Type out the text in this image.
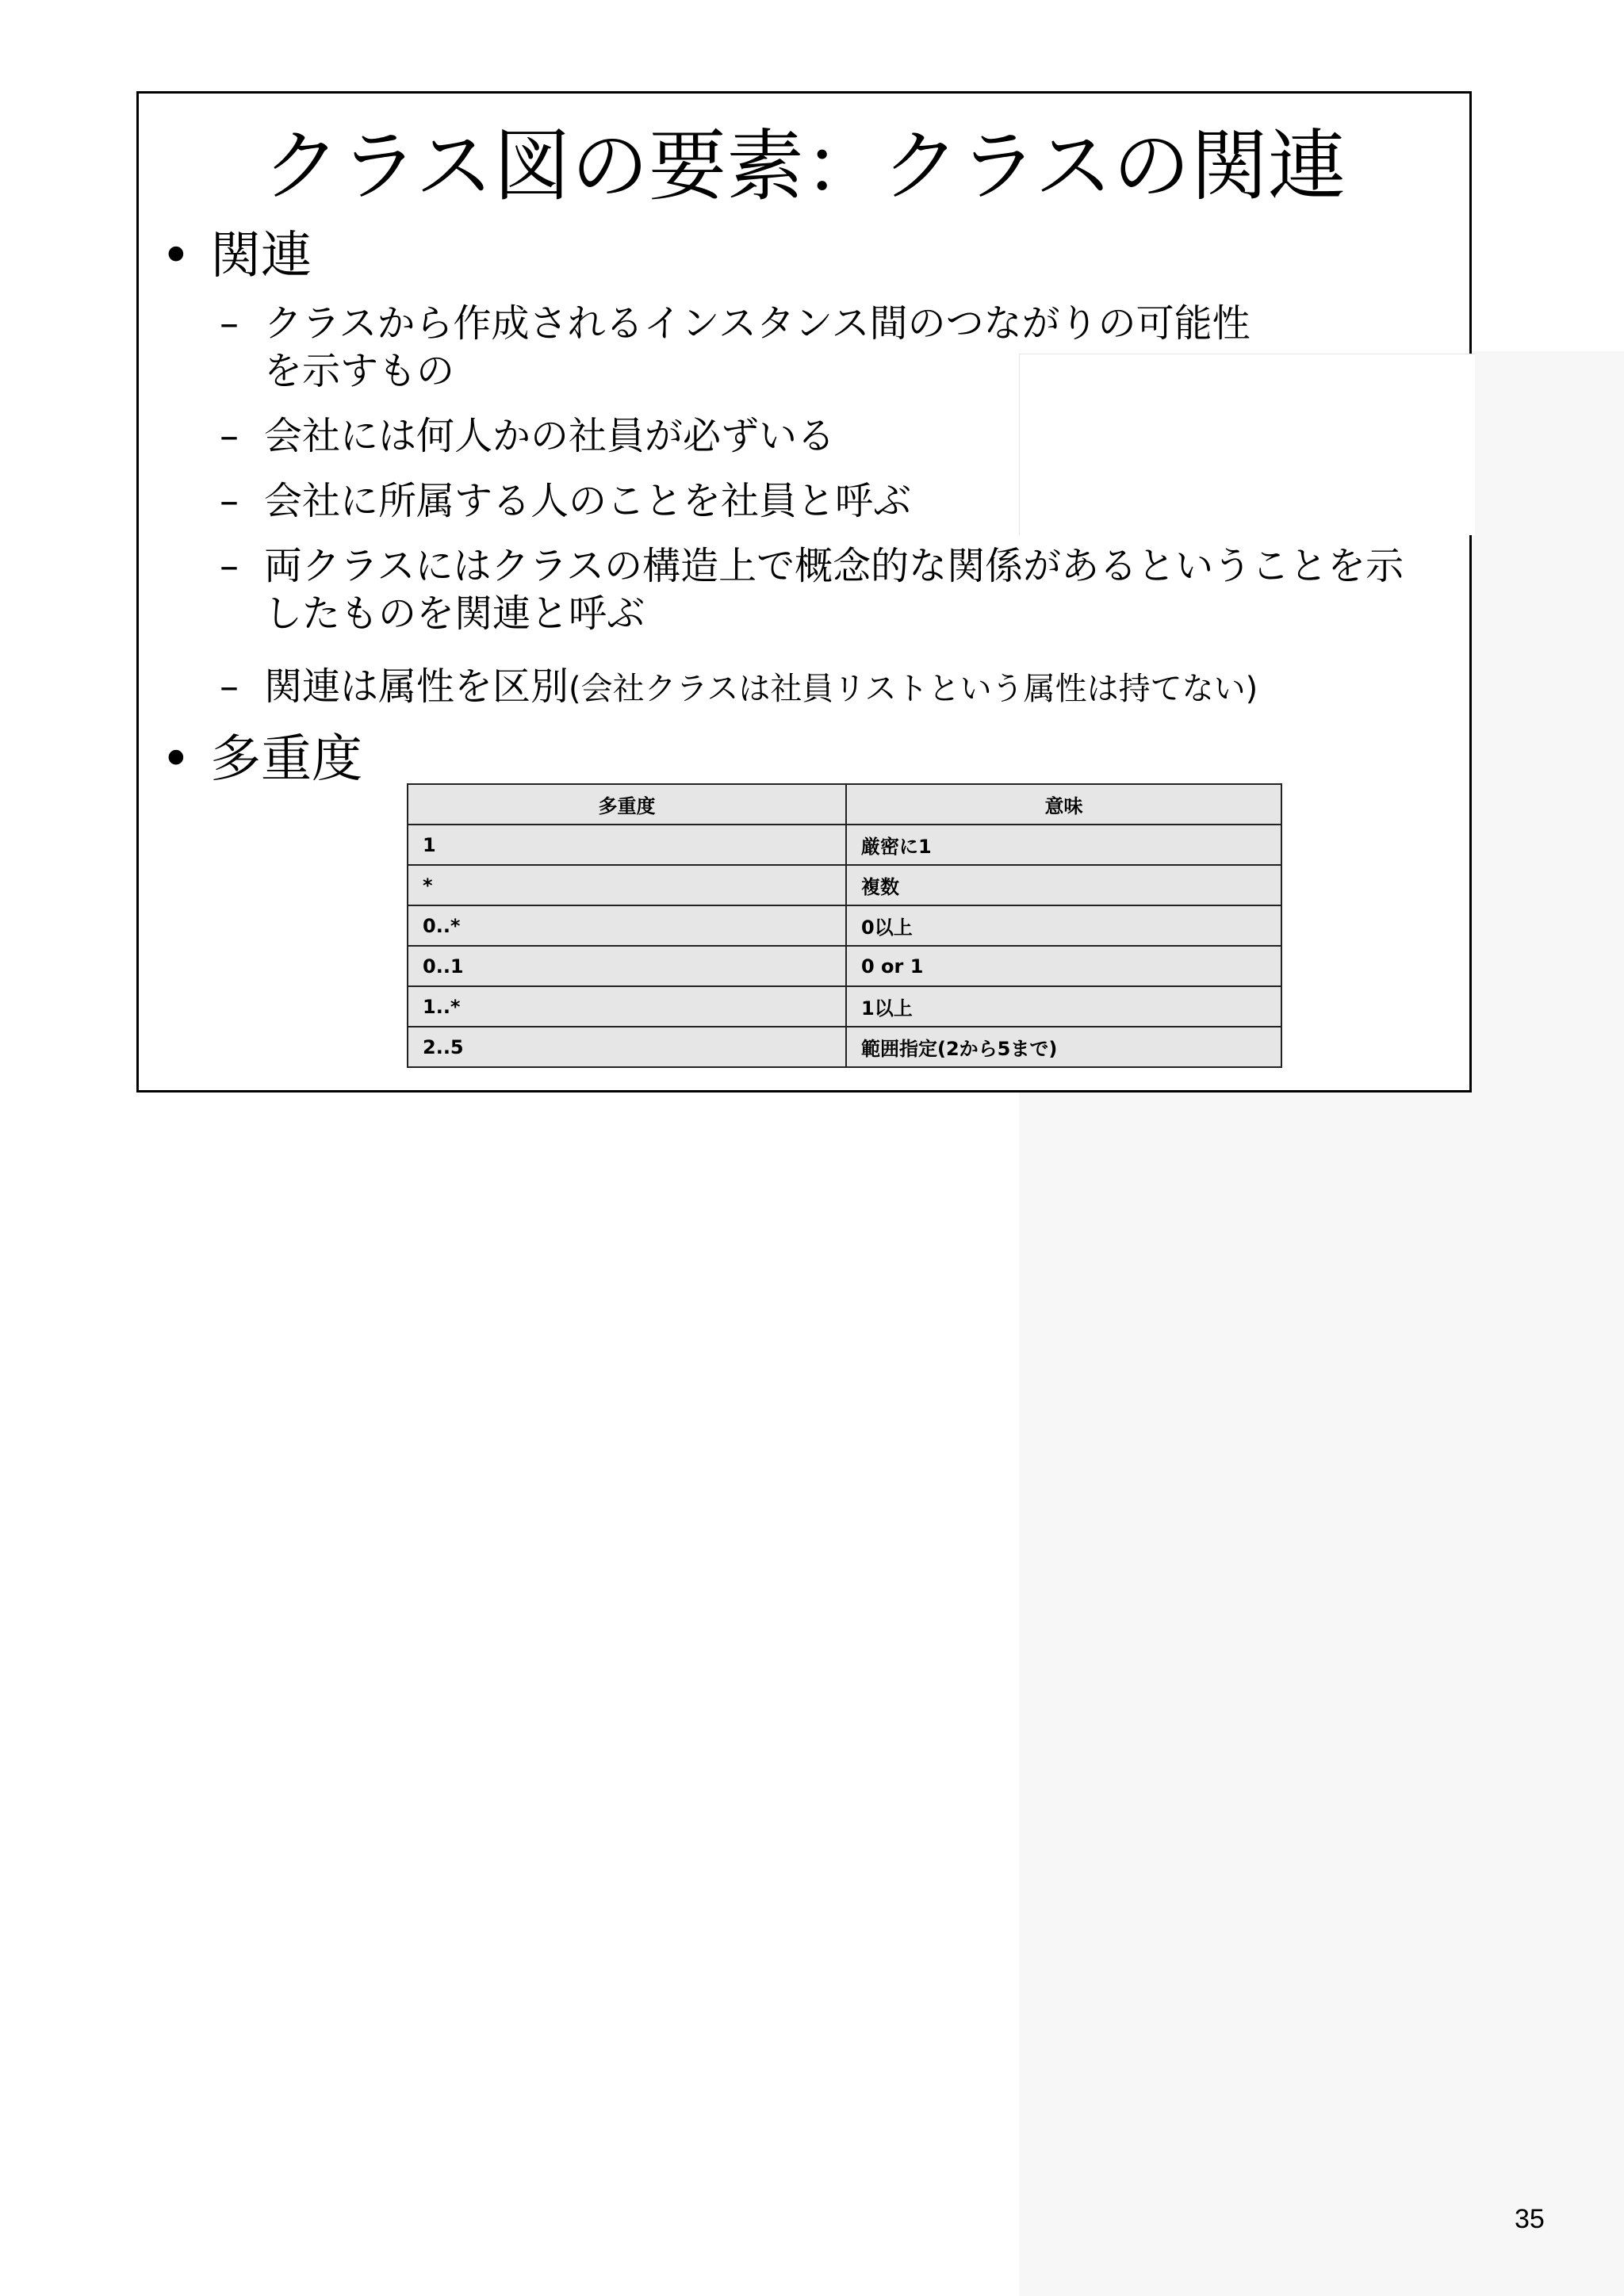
クラス図の要素：クラスの関連
• 関連
– クラスから作成されるインスタンス間のつながりの可能性を示すもの
– 会社には何人かの社員が必ずいる
– 会社に所属する人のことを社員と呼ぶ
– 両クラスにはクラスの構造上で概念的な関係があるということを示したものを関連と呼ぶ
– 関連は属性を区別(会社クラスは社員リストという属性は持てない)
• 多重度
多重度	意味
1	厳密に1
*	複数
0..*	0以上
0..1	0 or 1
1..*	1以上
2..5	範囲指定(2から5まで)
35
